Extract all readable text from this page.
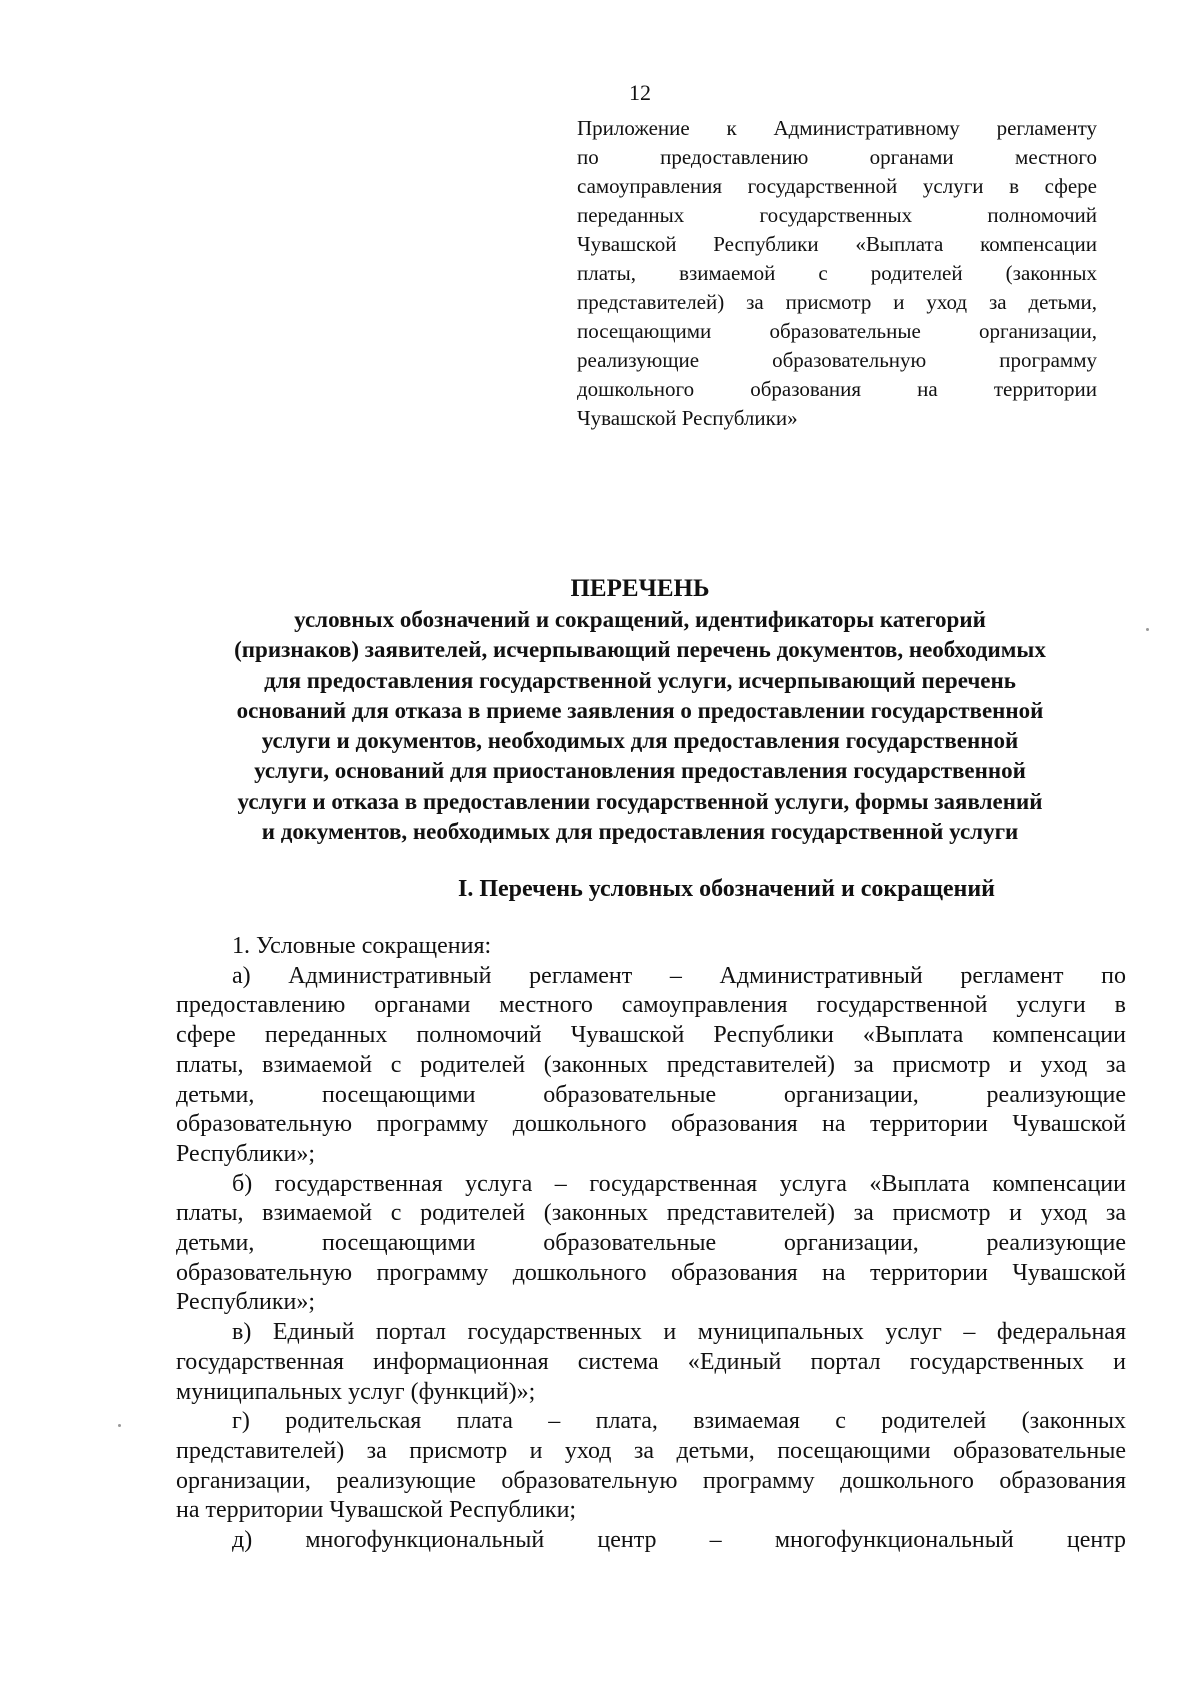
12
Приложение к Административному регламенту
по предоставлению органами местного
самоуправления государственной услуги в сфере
переданных государственных полномочий
Чувашской Республики «Выплата компенсации
платы, взимаемой с родителей (законных
представителей) за присмотр и уход за детьми,
посещающими образовательные организации,
реализующие образовательную программу
дошкольного образования на территории
Чувашской Республики»
ПЕРЕЧЕНЬ
условных обозначений и сокращений, идентификаторы категорий
(признаков) заявителей, исчерпывающий перечень документов, необходимых
для предоставления государственной услуги, исчерпывающий перечень
оснований для отказа в приеме заявления о предоставлении государственной
услуги и документов, необходимых для предоставления государственной
услуги, оснований для приостановления предоставления государственной
услуги и отказа в предоставлении государственной услуги, формы заявлений
и документов, необходимых для предоставления государственной услуги
I. Перечень условных обозначений и сокращений
1. Условные сокращения:
а) Административный регламент – Административный регламент по
предоставлению органами местного самоуправления государственной услуги в
сфере переданных полномочий Чувашской Республики «Выплата компенсации
платы, взимаемой с родителей (законных представителей) за присмотр и уход за
детьми, посещающими образовательные организации, реализующие
образовательную программу дошкольного образования на территории Чувашской
Республики»;
б) государственная услуга – государственная услуга «Выплата компенсации
платы, взимаемой с родителей (законных представителей) за присмотр и уход за
детьми, посещающими образовательные организации, реализующие
образовательную программу дошкольного образования на территории Чувашской
Республики»;
в) Единый портал государственных и муниципальных услуг – федеральная
государственная информационная система «Единый портал государственных и
муниципальных услуг (функций)»;
г) родительская плата – плата, взимаемая с родителей (законных
представителей) за присмотр и уход за детьми, посещающими образовательные
организации, реализующие образовательную программу дошкольного образования
на территории Чувашской Республики;
д) многофункциональный центр – многофункциональный центр
